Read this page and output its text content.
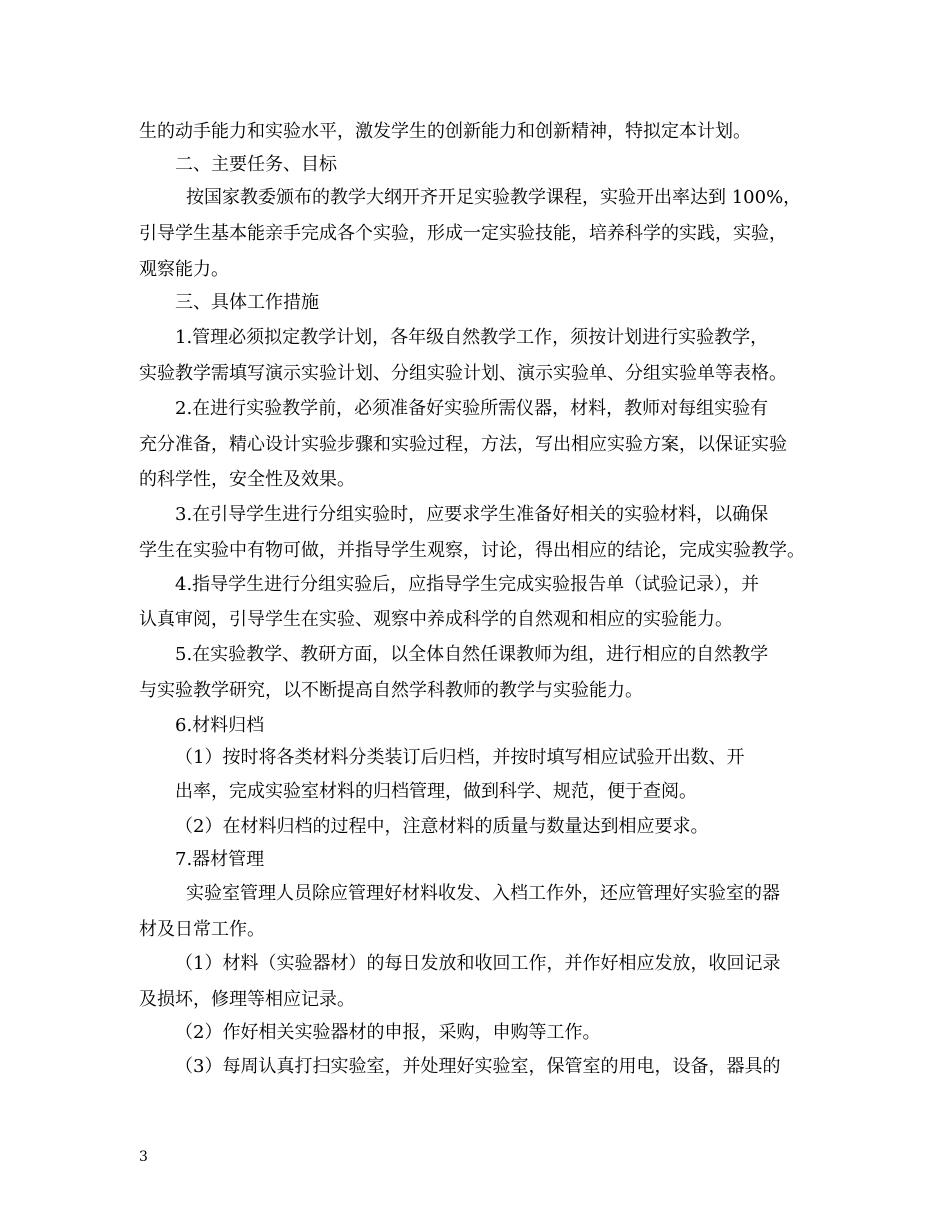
生的动手能力和实验水平，激发学生的创新能力和创新精神，特拟定本计划。
二、主要任务、目标
按国家教委颁布的教学大纲开齐开足实验教学课程，实验开出率达到 100%，
引导学生基本能亲手完成各个实验，形成一定实验技能，培养科学的实践，实验，
观察能力。
三、具体工作措施
1.管理必须拟定教学计划，各年级自然教学工作，须按计划进行实验教学，
实验教学需填写演示实验计划、分组实验计划、演示实验单、分组实验单等表格。
2.在进行实验教学前，必须准备好实验所需仪器，材料，教师对每组实验有
充分准备，精心设计实验步骤和实验过程，方法，写出相应实验方案，以保证实验
的科学性，安全性及效果。
3.在引导学生进行分组实验时，应要求学生准备好相关的实验材料，以确保
学生在实验中有物可做，并指导学生观察，讨论，得出相应的结论，完成实验教学。
4.指导学生进行分组实验后，应指导学生完成实验报告单（试验记录），并
认真审阅，引导学生在实验、观察中养成科学的自然观和相应的实验能力。
5.在实验教学、教研方面，以全体自然任课教师为组，进行相应的自然教学
与实验教学研究，以不断提高自然学科教师的教学与实验能力。
6.材料归档
（1）按时将各类材料分类装订后归档，并按时填写相应试验开出数、开
出率，完成实验室材料的归档管理，做到科学、规范，便于查阅。
（2）在材料归档的过程中，注意材料的质量与数量达到相应要求。
7.器材管理
实验室管理人员除应管理好材料收发、入档工作外，还应管理好实验室的器
材及日常工作。
（1）材料（实验器材）的每日发放和收回工作，并作好相应发放，收回记录
及损坏，修理等相应记录。
（2）作好相关实验器材的申报，采购，申购等工作。
（3）每周认真打扫实验室，并处理好实验室，保管室的用电，设备，器具的
3
